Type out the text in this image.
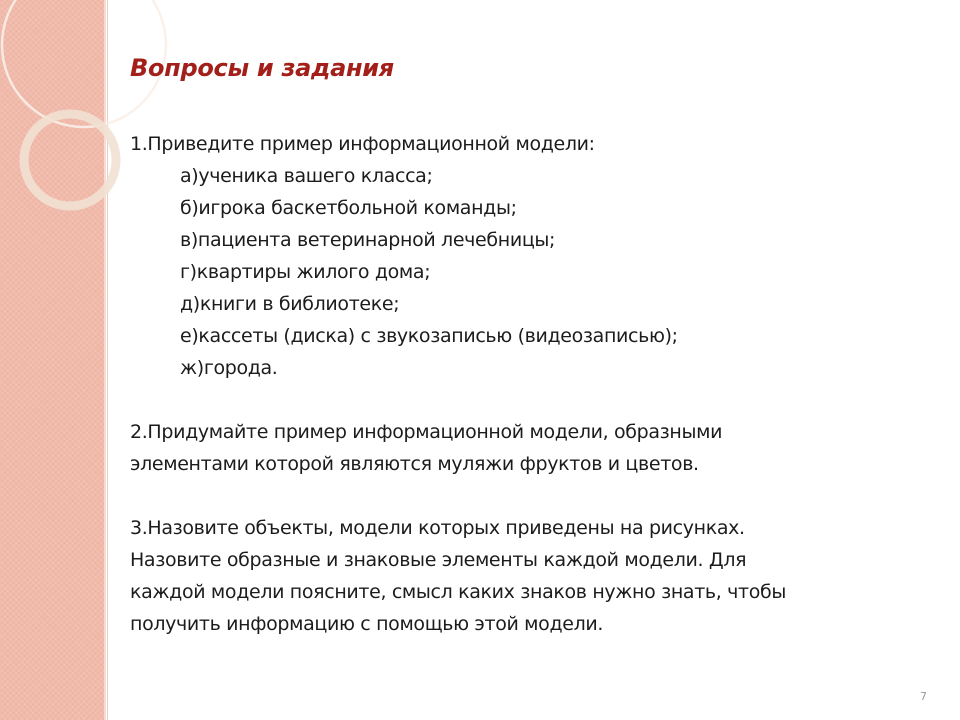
Вопросы и задания

1.Приведите пример информационной модели:

а)ученика вашего класса;

б)игрока баскетбольной команды;

в)пациента ветеринарной лечебницы;

г)квартиры жилого дома;

д)книги в библиотеке;

е)кассеты (диска) с звукозаписью (видеозаписью);

ж)города.

2.Придумайте пример информационной модели, образными

элементами которой являются муляжи фруктов и цветов.

3.Назовите объекты, модели которых приведены на рисунках.

Назовите образные и знаковые элементы каждой модели. Для

каждой модели поясните, смысл каких знаков нужно знать, чтобы

получить информацию с помощью этой модели.

7
